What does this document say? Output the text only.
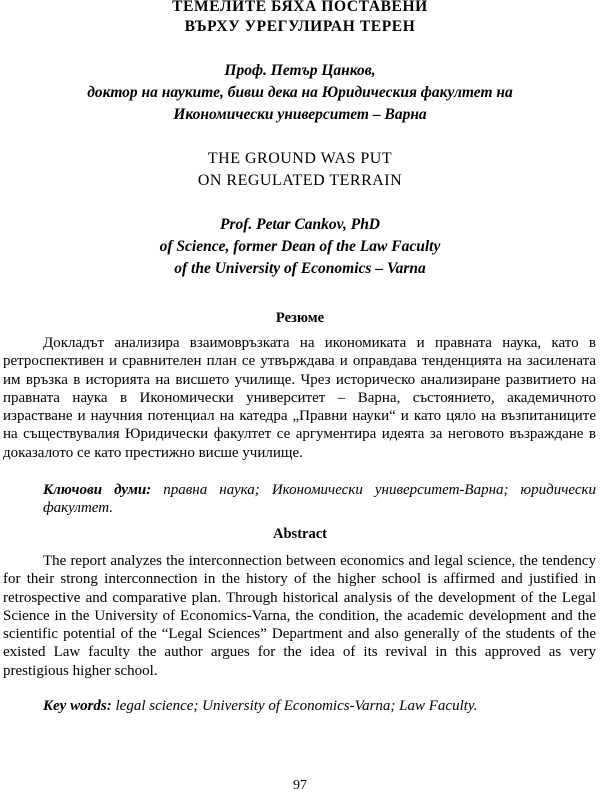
ТЕМЕЛИТЕ БЯХА ПОСТАВЕНИ
ВЪРХУ УРЕГУЛИРАН ТЕРЕН
Проф. Петър Цанков,
доктор на науките, бивш дека на Юридическия факултет на
Икономически университет – Варна
THE GROUND WAS PUT
ON REGULATED TERRAIN
Prof. Petar Cankov, PhD
of Science, former Dean of the Law Faculty
of the University of Economics – Varna
Резюме
Докладът анализира взаимовръзката на икономиката и правната наука, като в ретроспективен и сравнителен план се утвърждава и оправдава тенденцията на засилената им връзка в историята на висшето училище. Чрез историческо анализиране развитието на правната наука в Икономически университет – Варна, състоянието, академичното израстване и научния потенциал на катедра „Правни науки“ и като цяло на възпитаниците на съществувалия Юридически факултет се аргументира идеята за неговото възраждане в доказалото се като престижно висше училище.
Ключови думи: правна наука; Икономически университет-Варна; юридически факултет.
Abstract
The report analyzes the interconnection between economics and legal science, the tendency for their strong interconnection in the history of the higher school is affirmed and justified in retrospective and comparative plan. Through historical analysis of the development of the Legal Science in the University of Economics-Varna, the condition, the academic development and the scientific potential of the “Legal Sciences” Department and also generally of the students of the existed Law faculty the author argues for the idea of its revival in this approved as very prestigious higher school.
Key words: legal science; University of Economics-Varna; Law Faculty.
97
